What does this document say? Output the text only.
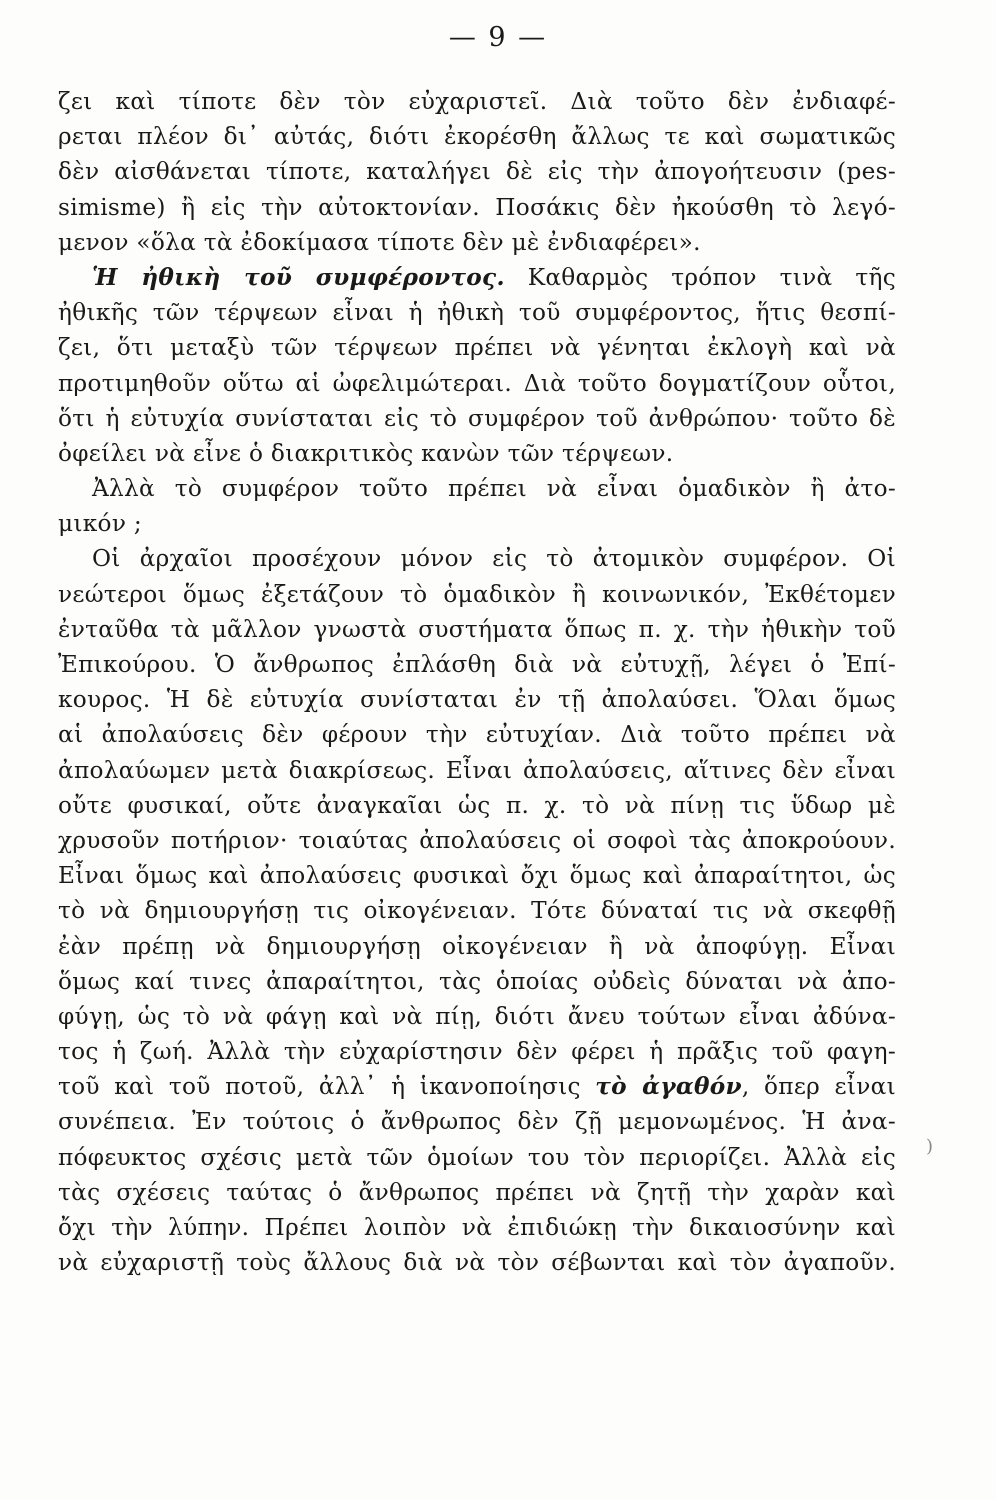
— 9 —
ζει καὶ τίποτε δὲν τὸν εὐχαριστεῖ. Διὰ τοῦτο δὲν ἐνδιαφέ-
ρεται πλέον δι᾽ αὐτάς, διότι ἐκορέσθη ἄλλως τε καὶ σωματικῶς
δὲν αἰσθάνεται τίποτε, καταλήγει δὲ εἰς τὴν ἀπογοήτευσιν (pes-
simisme) ἢ εἰς τὴν αὐτοκτονίαν. Ποσάκις δὲν ἠκούσθη τὸ λεγό-
μενον «ὅλα τὰ ἐδοκίμασα τίποτε δὲν μὲ ἐνδιαφέρει».
Ἡ ἠθικὴ τοῦ συμφέροντος. Καθαρμὸς τρόπον τινὰ τῆς
ἠθικῆς τῶν τέρψεων εἶναι ἡ ἠθικὴ τοῦ συμφέροντος, ἥτις θεσπί-
ζει, ὅτι μεταξὺ τῶν τέρψεων πρέπει νὰ γένηται ἐκλογὴ καὶ νὰ
προτιμηθοῦν οὕτω αἱ ὠφελιμώτεραι. Διὰ τοῦτο δογματίζουν οὗτοι,
ὅτι ἡ εὐτυχία συνίσταται εἰς τὸ συμφέρον τοῦ ἀνθρώπου· τοῦτο δὲ
ὀφείλει νὰ εἶνε ὁ διακριτικὸς κανὼν τῶν τέρψεων.
Ἀλλὰ τὸ συμφέρον τοῦτο πρέπει νὰ εἶναι ὁμαδικὸν ἢ ἀτο-
μικόν ;
Οἱ ἀρχαῖοι προσέχουν μόνον εἰς τὸ ἀτομικὸν συμφέρον. Οἱ
νεώτεροι ὅμως ἐξετάζουν τὸ ὁμαδικὸν ἢ κοινωνικόν, Ἐκθέτομεν
ἐνταῦθα τὰ μᾶλλον γνωστὰ συστήματα ὅπως π. χ. τὴν ἠθικὴν τοῦ
Ἐπικούρου. Ὁ ἄνθρωπος ἐπλάσθη διὰ νὰ εὐτυχῇ, λέγει ὁ Ἐπί-
κουρος. Ἡ δὲ εὐτυχία συνίσταται ἐν τῇ ἀπολαύσει. Ὅλαι ὅμως
αἱ ἀπολαύσεις δὲν φέρουν τὴν εὐτυχίαν. Διὰ τοῦτο πρέπει νὰ
ἀπολαύωμεν μετὰ διακρίσεως. Εἶναι ἀπολαύσεις, αἵτινες δὲν εἶναι
οὔτε φυσικαί, οὔτε ἀναγκαῖαι ὡς π. χ. τὸ νὰ πίνῃ τις ὕδωρ μὲ
χρυσοῦν ποτήριον· τοιαύτας ἀπολαύσεις οἱ σοφοὶ τὰς ἀποκρούουν.
Εἶναι ὅμως καὶ ἀπολαύσεις φυσικαὶ ὄχι ὅμως καὶ ἀπαραίτητοι, ὡς
τὸ νὰ δημιουργήσῃ τις οἰκογένειαν. Τότε δύναταί τις νὰ σκεφθῇ
ἐὰν πρέπῃ νὰ δημιουργήσῃ οἰκογένειαν ἢ νὰ ἀποφύγῃ. Εἶναι
ὅμως καί τινες ἀπαραίτητοι, τὰς ὁποίας οὐδεὶς δύναται νὰ ἀπο-
φύγῃ, ὡς τὸ νὰ φάγῃ καὶ νὰ πίῃ, διότι ἄνευ τούτων εἶναι ἀδύνα-
τος ἡ ζωή. Ἀλλὰ τὴν εὐχαρίστησιν δὲν φέρει ἡ πρᾶξις τοῦ φαγη-
τοῦ καὶ τοῦ ποτοῦ, ἀλλ᾽ ἡ ἱκανοποίησις τὸ ἀγαθόν, ὅπερ εἶναι
συνέπεια. Ἐν τούτοις ὁ ἄνθρωπος δὲν ζῇ μεμονωμένος. Ἡ ἀνα-
πόφευκτος σχέσις μετὰ τῶν ὁμοίων του τὸν περιορίζει. Ἀλλὰ εἰς
τὰς σχέσεις ταύτας ὁ ἄνθρωπος πρέπει νὰ ζητῇ τὴν χαρὰν καὶ
ὄχι τὴν λύπην. Πρέπει λοιπὸν νὰ ἐπιδιώκῃ τὴν δικαιοσύνην καὶ
νὰ εὐχαριστῇ τοὺς ἄλλους διὰ νὰ τὸν σέβωνται καὶ τὸν ἀγαποῦν.
)
